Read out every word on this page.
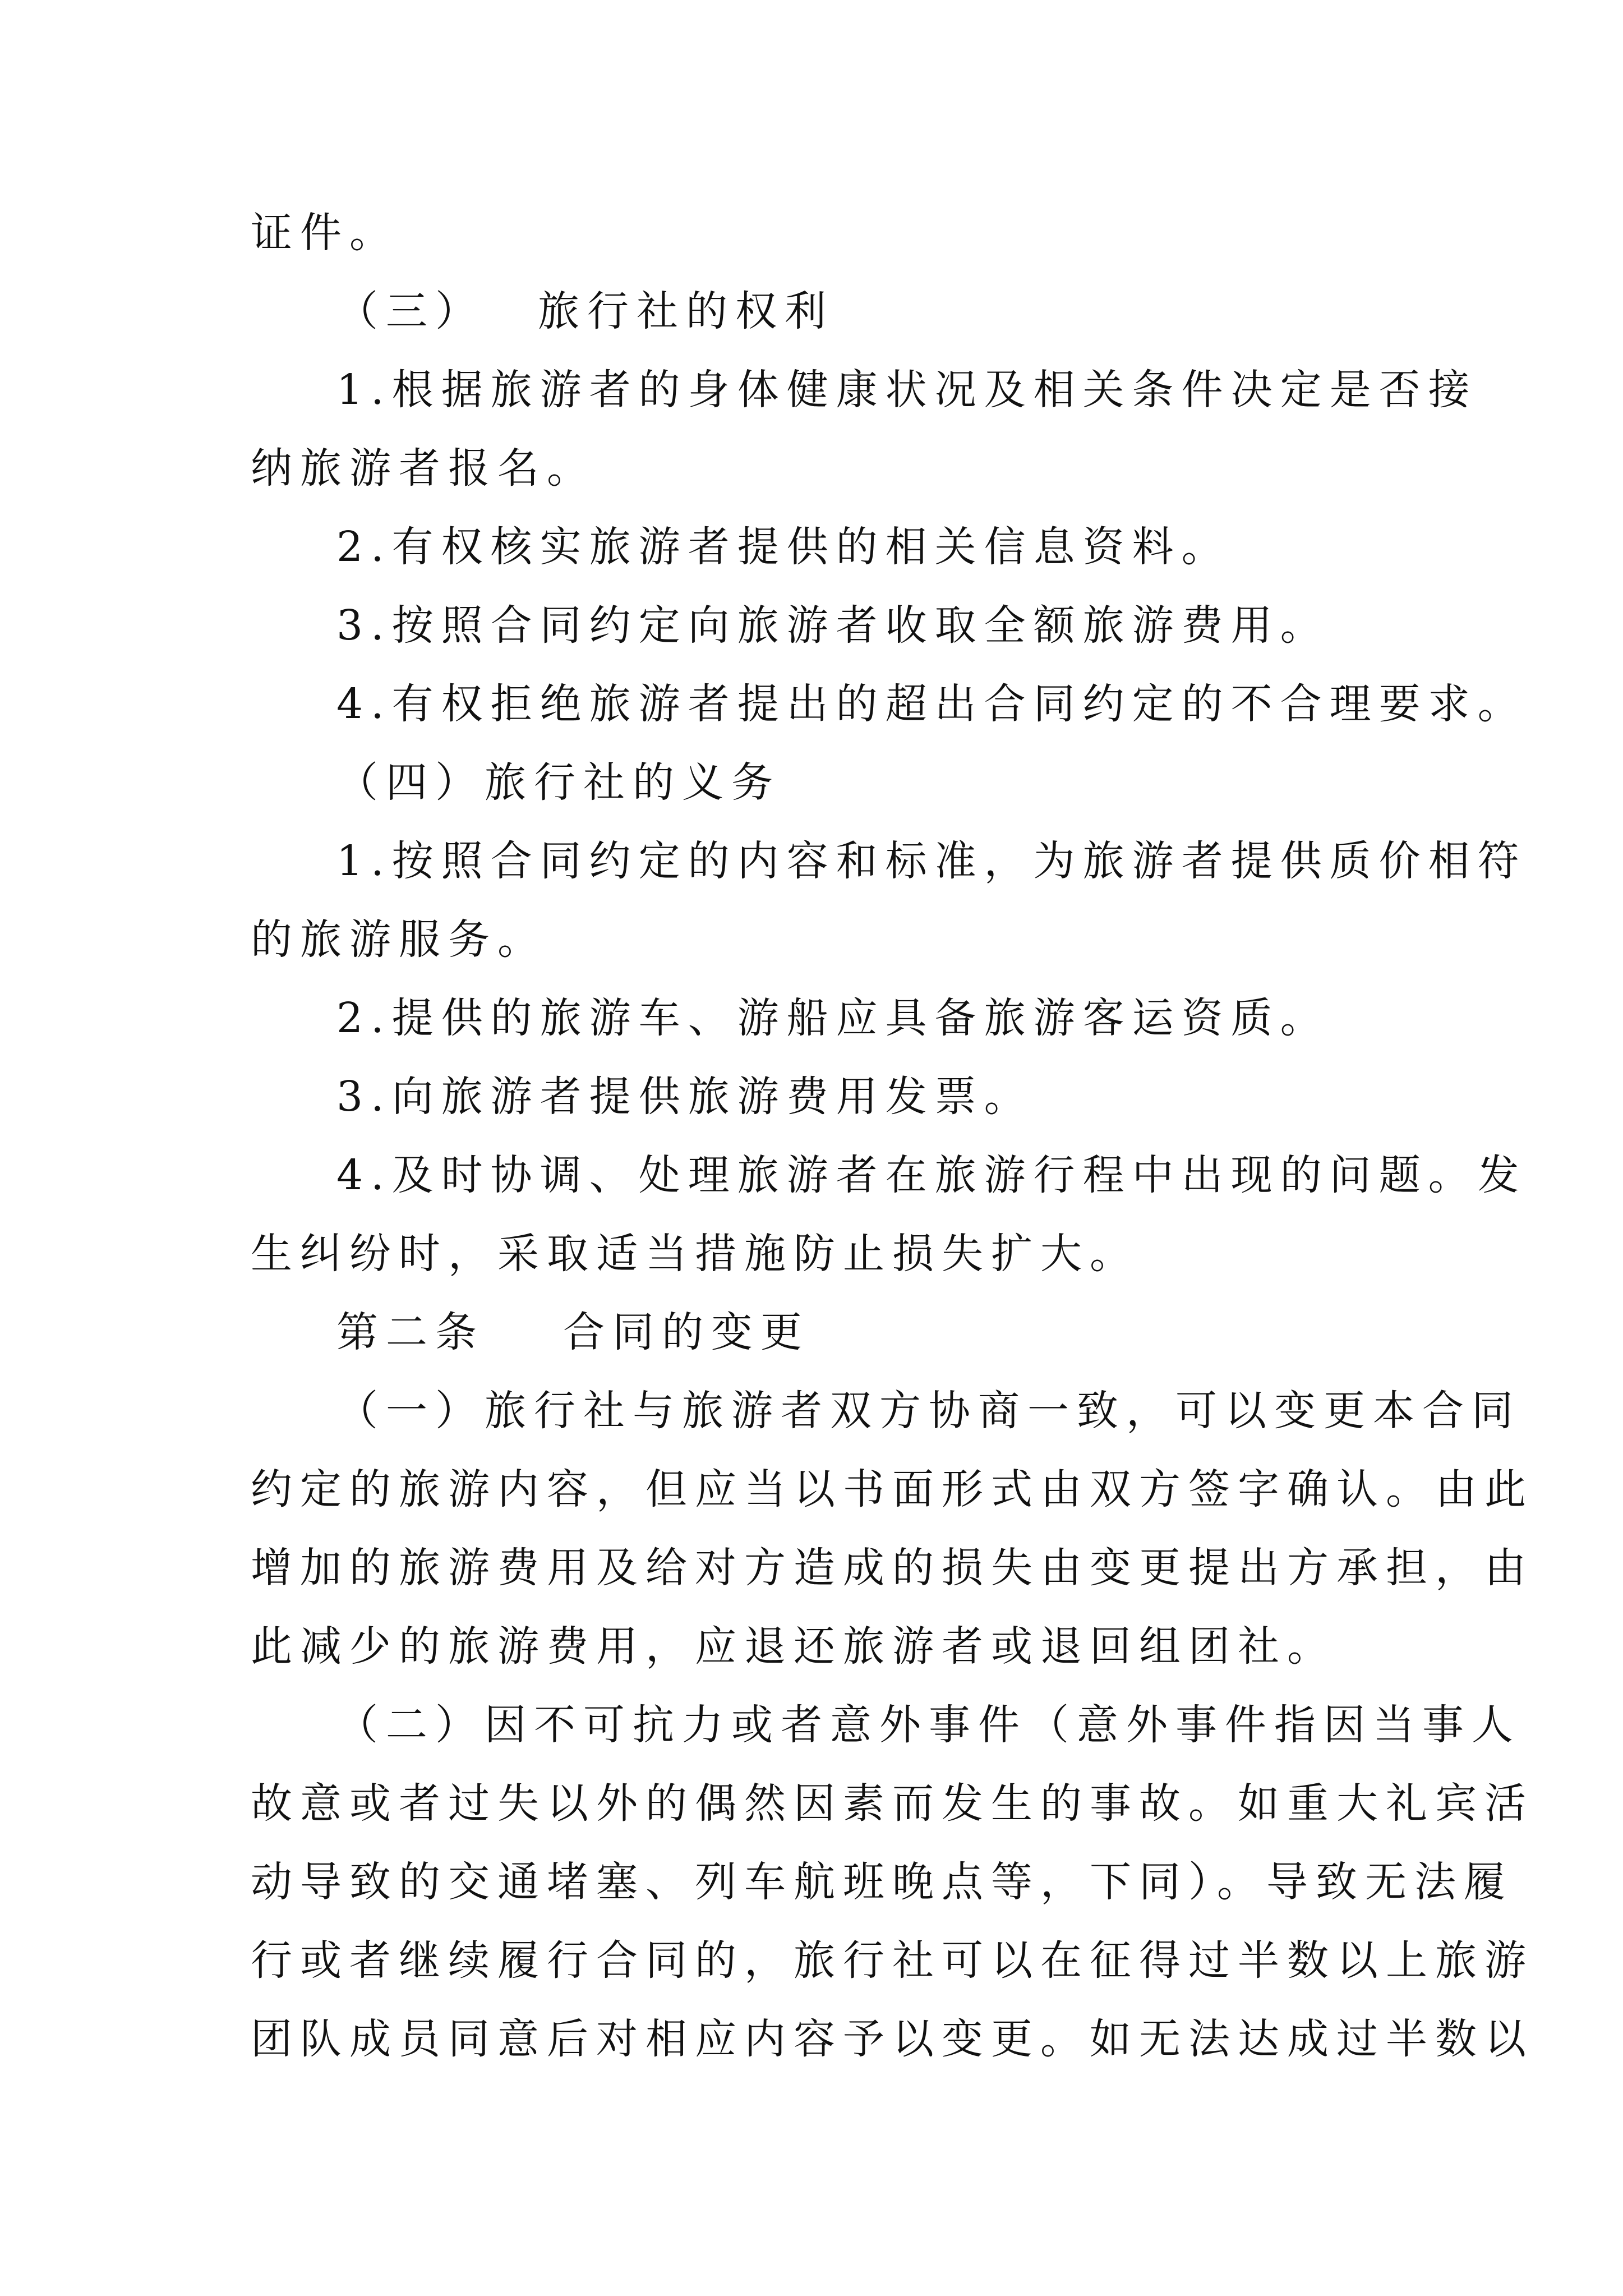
证件。

（三） 旅行社的权利

1.根据旅游者的身体健康状况及相关条件决定是否接

纳旅游者报名。

2.有权核实旅游者提供的相关信息资料。

3.按照合同约定向旅游者收取全额旅游费用。

4.有权拒绝旅游者提出的超出合同约定的不合理要求。

（四）旅行社的义务

1.按照合同约定的内容和标准，为旅游者提供质价相符

的旅游服务。

2.提供的旅游车、游船应具备旅游客运资质。

3.向旅游者提供旅游费用发票。

4.及时协调、处理旅游者在旅游行程中出现的问题。发

生纠纷时，采取适当措施防止损失扩大。

第二条 合同的变更

（一）旅行社与旅游者双方协商一致，可以变更本合同

约定的旅游内容，但应当以书面形式由双方签字确认。由此

增加的旅游费用及给对方造成的损失由变更提出方承担，由

此减少的旅游费用，应退还旅游者或退回组团社。

（二）因不可抗力或者意外事件（意外事件指因当事人

故意或者过失以外的偶然因素而发生的事故。如重大礼宾活

动导致的交通堵塞、列车航班晚点等，下同）。导致无法履

行或者继续履行合同的，旅行社可以在征得过半数以上旅游

团队成员同意后对相应内容予以变更。如无法达成过半数以
